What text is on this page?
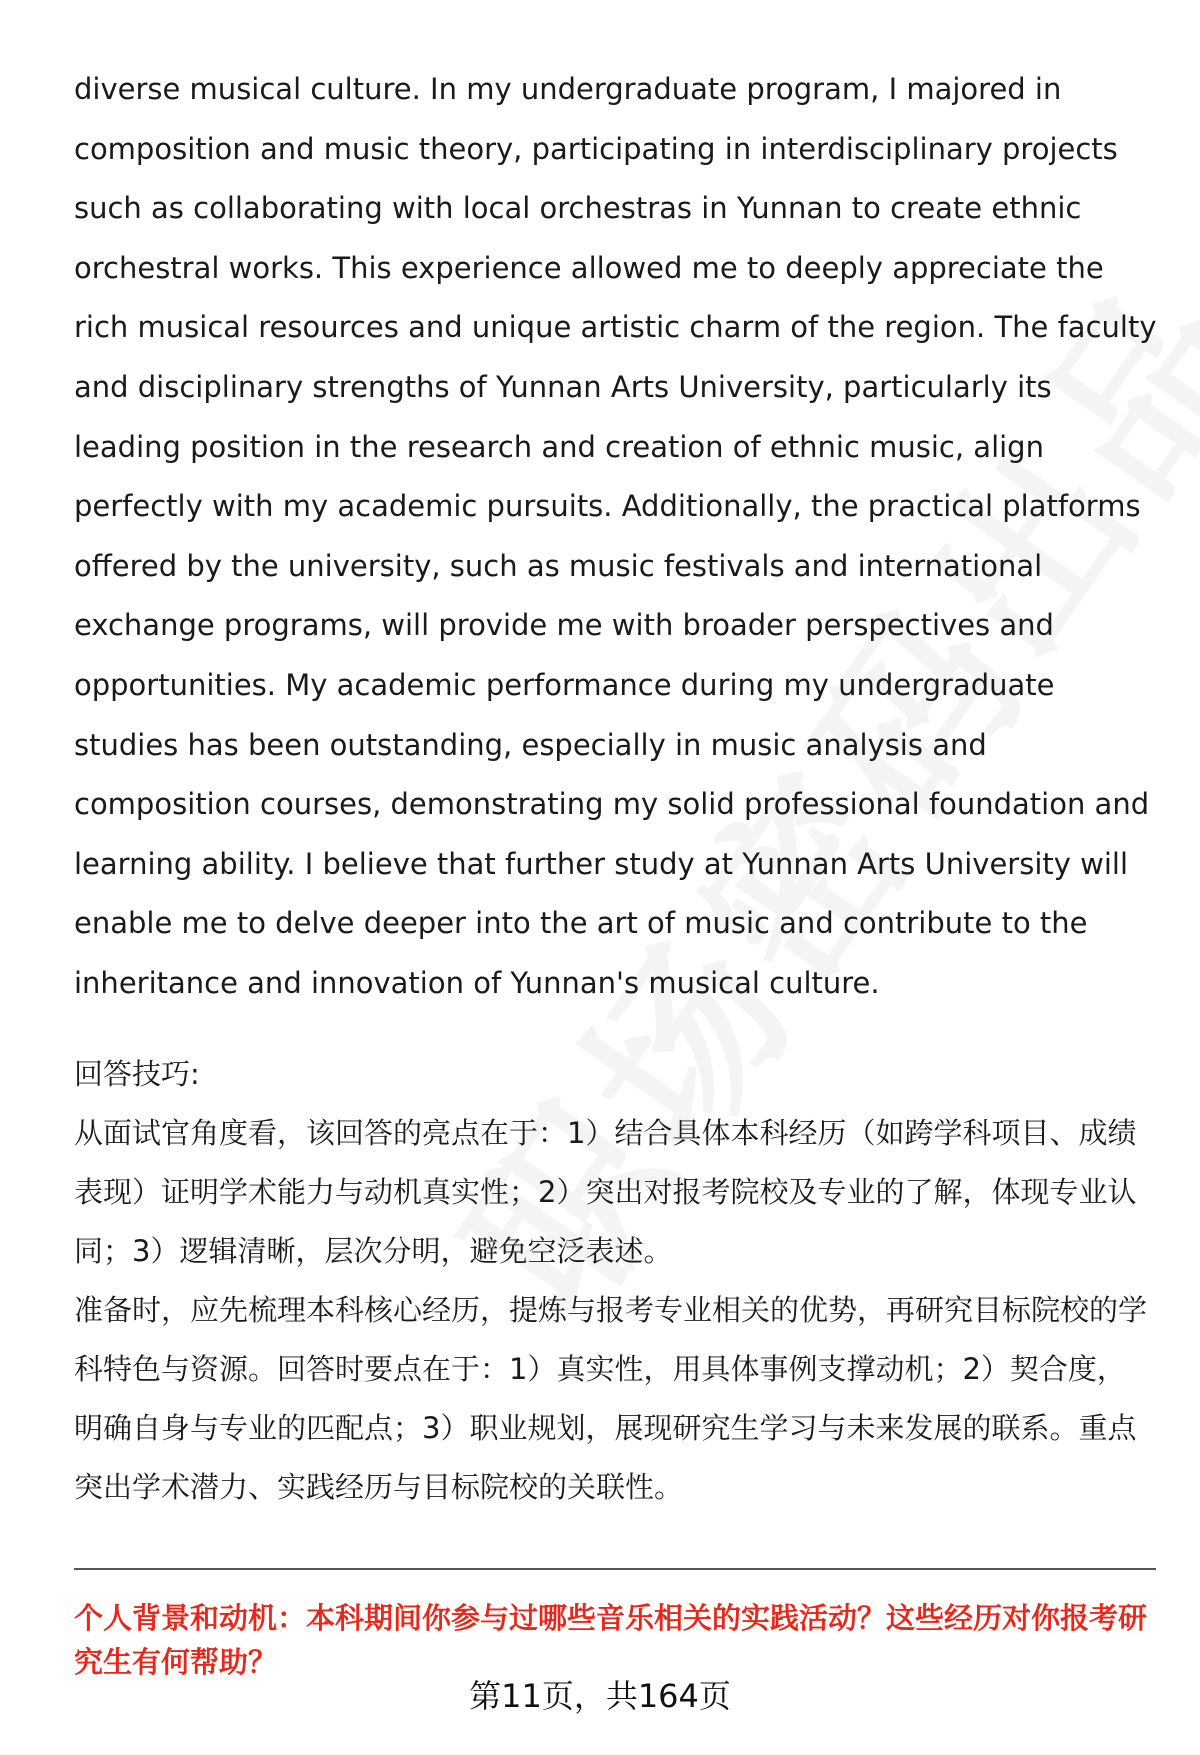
diverse musical culture. In my undergraduate program, I majored in composition and music theory, participating in interdisciplinary projects such as collaborating with local orchestras in Yunnan to create ethnic orchestral works. This experience allowed me to deeply appreciate the rich musical resources and unique artistic charm of the region. The faculty and disciplinary strengths of Yunnan Arts University, particularly its leading position in the research and creation of ethnic music, align perfectly with my academic pursuits. Additionally, the practical platforms offered by the university, such as music festivals and international exchange programs, will provide me with broader perspectives and opportunities. My academic performance during my undergraduate studies has been outstanding, especially in music analysis and composition courses, demonstrating my solid professional foundation and learning ability. I believe that further study at Yunnan Arts University will enable me to delve deeper into the art of music and contribute to the inheritance and innovation of Yunnan's musical culture.

回答技巧:

从面试官角度看，该回答的亮点在于：1）结合具体本科经历（如跨学科项目、成绩表现）证明学术能力与动机真实性；2）突出对报考院校及专业的了解，体现专业认同；3）逻辑清晰，层次分明，避免空泛表述。

准备时，应先梳理本科核心经历，提炼与报考专业相关的优势，再研究目标院校的学科特色与资源。回答时要点在于：1）真实性，用具体事例支撑动机；2）契合度，明确自身与专业的匹配点；3）职业规划，展现研究生学习与未来发展的联系。重点突出学术潜力、实践经历与目标院校的关联性。

个人背景和动机：本科期间你参与过哪些音乐相关的实践活动？这些经历对你报考研究生有何帮助？

第11页，共164页
